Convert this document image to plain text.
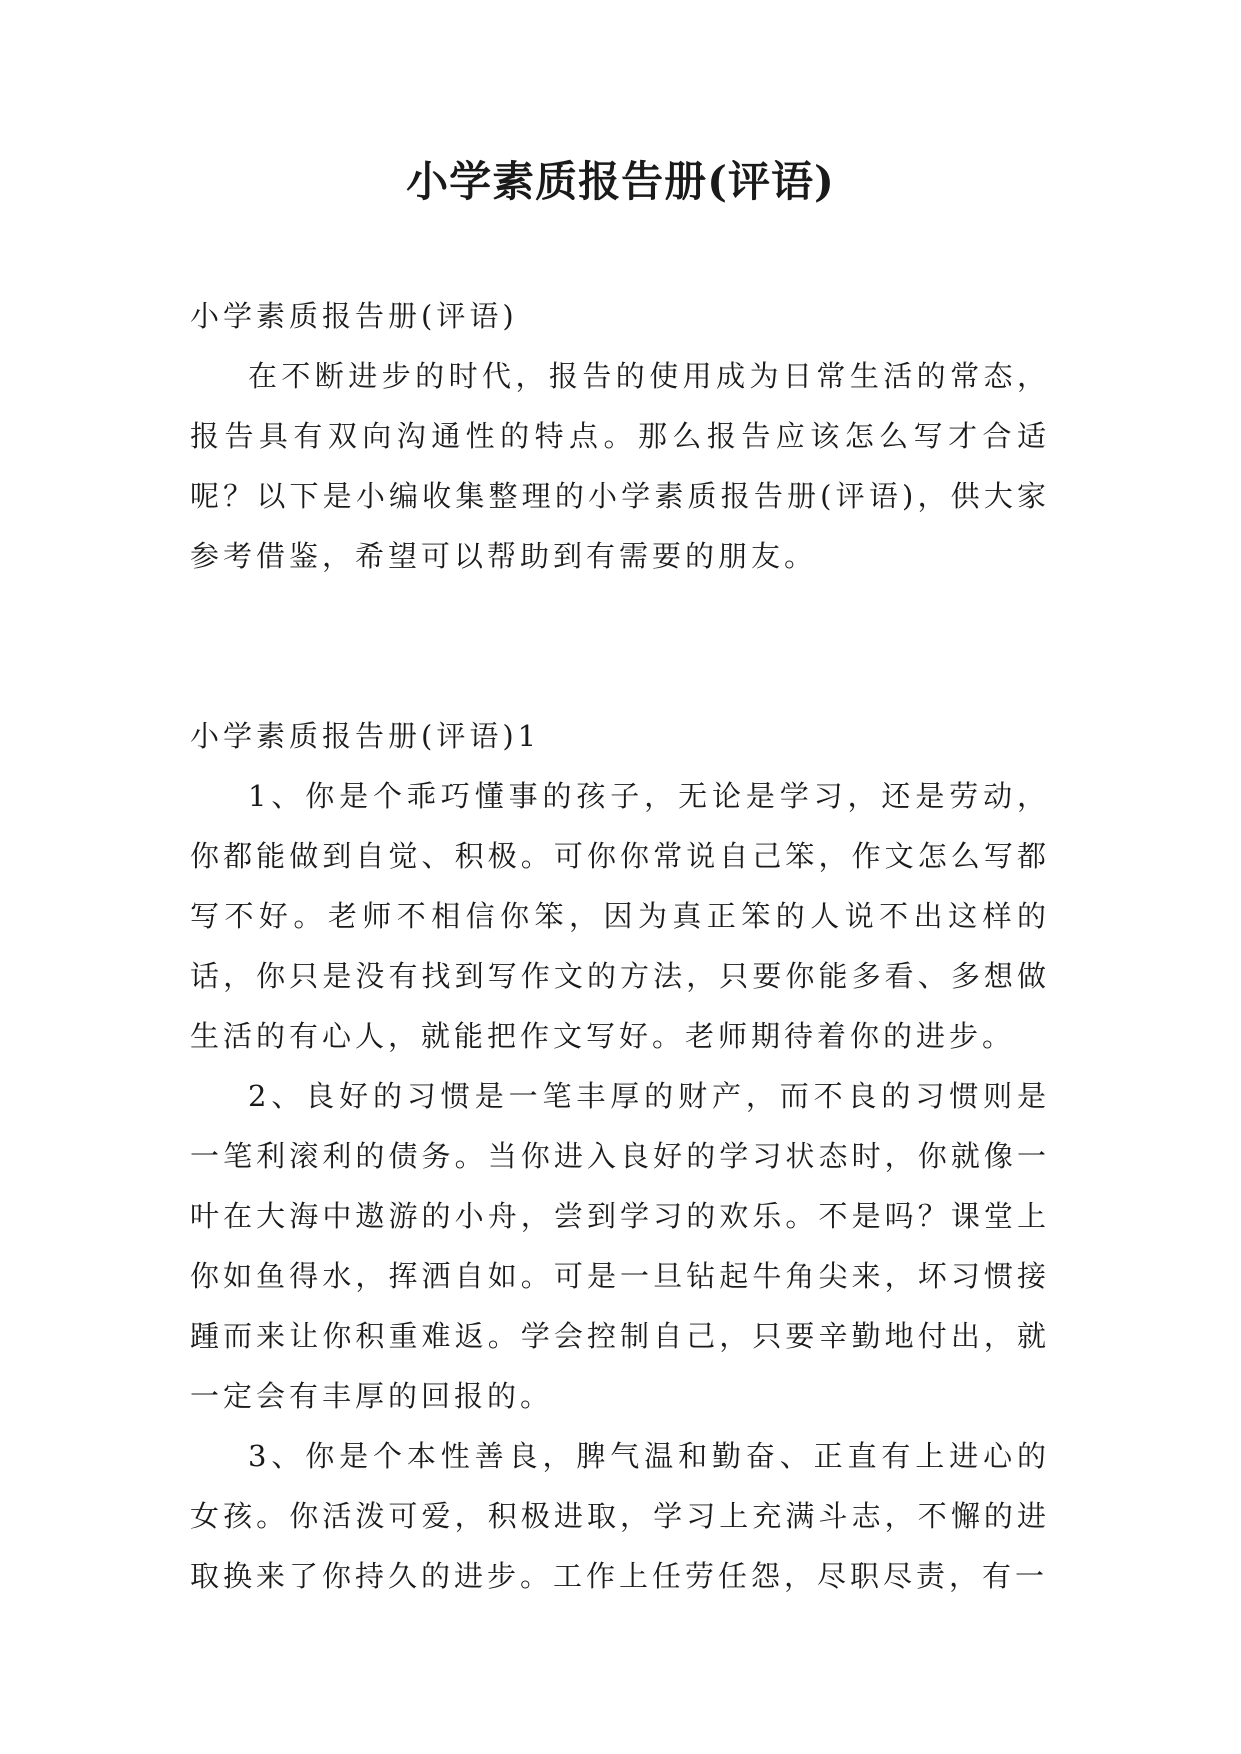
小学素质报告册(评语)

小学素质报告册(评语)

在不断进步的时代，报告的使用成为日常生活的常态，报告具有双向沟通性的特点。那么报告应该怎么写才合适呢？以下是小编收集整理的小学素质报告册(评语)，供大家参考借鉴，希望可以帮助到有需要的朋友。

小学素质报告册(评语)1

1、你是个乖巧懂事的孩子，无论是学习，还是劳动，你都能做到自觉、积极。可你你常说自己笨，作文怎么写都写不好。老师不相信你笨，因为真正笨的人说不出这样的话，你只是没有找到写作文的方法，只要你能多看、多想做生活的有心人，就能把作文写好。老师期待着你的进步。

2、良好的习惯是一笔丰厚的财产，而不良的习惯则是一笔利滚利的债务。当你进入良好的学习状态时，你就像一叶在大海中遨游的小舟，尝到学习的欢乐。不是吗？课堂上你如鱼得水，挥洒自如。可是一旦钻起牛角尖来，坏习惯接踵而来让你积重难返。学会控制自己，只要辛勤地付出，就一定会有丰厚的回报的。

3、你是个本性善良，脾气温和勤奋、正直有上进心的女孩。你活泼可爱，积极进取，学习上充满斗志，不懈的进取换来了你持久的进步。工作上任劳任怨，尽职尽责，有一
